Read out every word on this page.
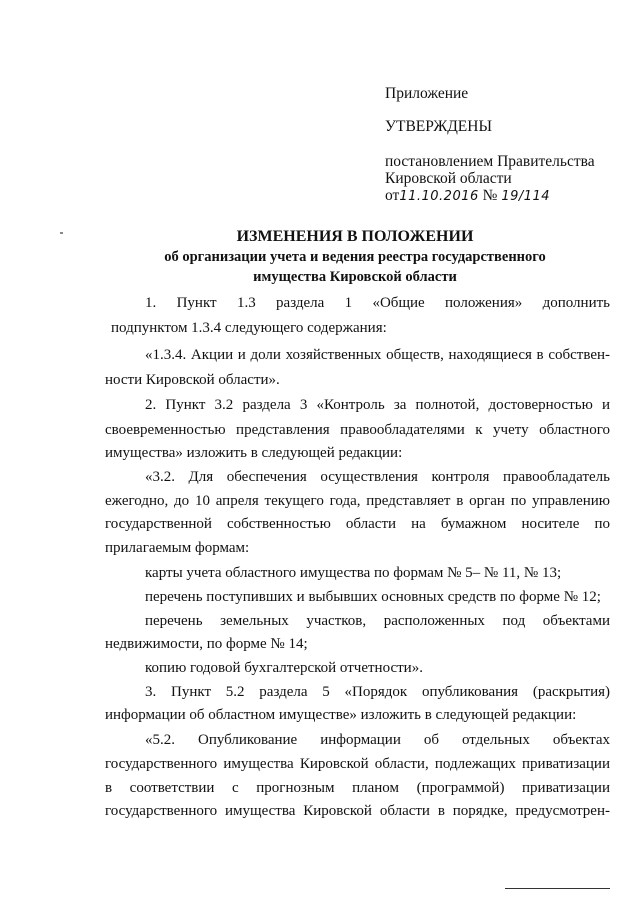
Приложение
УТВЕРЖДЕНЫ
постановлением Правительства
Кировской области
от11.10.2016 № 19/114
ИЗМЕНЕНИЯ В ПОЛОЖЕНИИ
об организации учета и ведения реестра государственного
имущества Кировской области
1. Пункт 1.3 раздела 1 «Общие положения» дополнить
подпунктом 1.3.4 следующего содержания:
«1.3.4. Акции и доли хозяйственных обществ, находящиеся в собствен-
ности Кировской области».
2. Пункт 3.2 раздела 3 «Контроль за полнотой, достоверностью и
своевременностью представления правообладателями к учету областного
имущества» изложить в следующей редакции:
«3.2. Для обеспечения осуществления контроля правообладатель
ежегодно, до 10 апреля текущего года, представляет в орган по управлению
государственной собственностью области на бумажном носителе по
прилагаемым формам:
карты учета областного имущества по формам № 5– № 11, № 13;
перечень поступивших и выбывших основных средств по форме № 12;
перечень земельных участков, расположенных под объектами
недвижимости, по форме № 14;
копию годовой бухгалтерской отчетности».
3. Пункт 5.2 раздела 5 «Порядок опубликования (раскрытия)
информации об областном имуществе» изложить в следующей редакции:
«5.2. Опубликование информации об отдельных объектах
государственного имущества Кировской области, подлежащих приватизации
в соответствии с прогнозным планом (программой) приватизации
государственного имущества Кировской области в порядке, предусмотрен-
